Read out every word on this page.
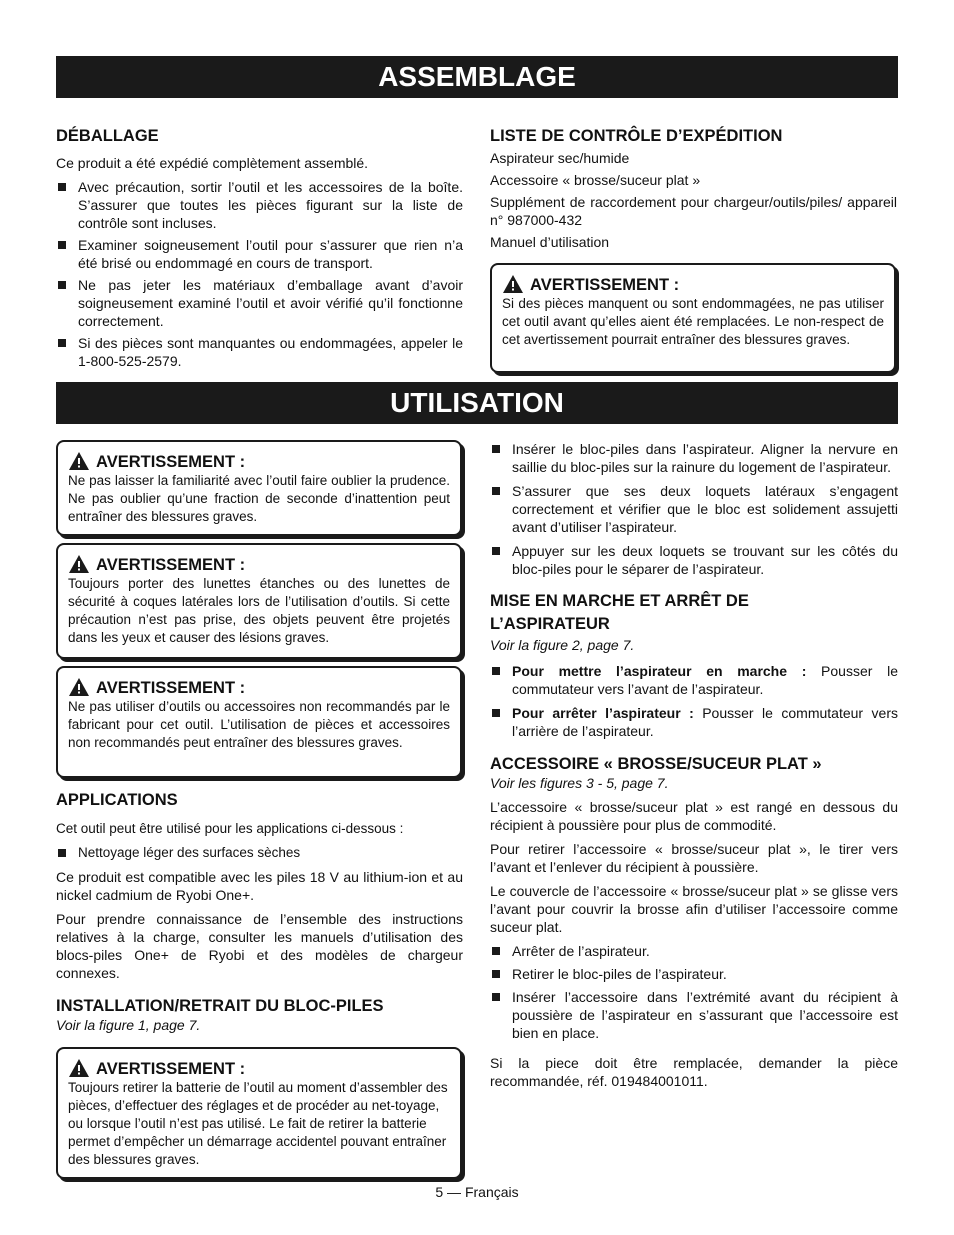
ASSEMBLAGE
DÉBALLAGE

Ce produit a été expédié complètement assemblé.

Avec précaution, sortir l’outil et les accessoires de la boîte. S’assurer que toutes les pièces figurant sur la liste de contrôle sont incluses.
Examiner soigneusement l’outil pour s’assurer que rien n’a été brisé ou endommagé en cours de transport.
Ne pas jeter les matériaux d’emballage avant d’avoir soigneusement examiné l’outil et avoir vérifié qu’il fonctionne correctement.
Si des pièces sont manquantes ou endommagées, appeler le 1-800-525-2579.
LISTE DE CONTRÔLE D’EXPÉDITION

Aspirateur sec/humide

Accessoire « brosse/suceur plat »

Supplément de raccordement pour chargeur/outils/piles/ appareil n° 987000-432

Manuel d’utilisation

AVERTISSEMENT :

Si des pièces manquent ou sont endommagées, ne pas utiliser cet outil avant qu’elles aient été remplacées. Le non-respect de cet avertissement pourrait entraîner des blessures graves.

UTILISATION
AVERTISSEMENT :

Ne pas laisser la familiarité avec l’outil faire oublier la prudence. Ne pas oublier qu’une fraction de seconde d’inattention peut entraîner des blessures graves.

AVERTISSEMENT :

Toujours porter des lunettes étanches ou des lunettes de sécurité à coques latérales lors de l’utilisation d’outils. Si cette précaution n’est pas prise, des objets peuvent être projetés dans les yeux et causer des lésions graves.

AVERTISSEMENT :

Ne pas utiliser d’outils ou accessoires non recommandés par le fabricant pour cet outil. L’utilisation de pièces et accessoires non recommandés peut entraîner des blessures graves.

APPLICATIONS

Cet outil peut être utilisé pour les applications ci-dessous :

Nettoyage léger des surfaces sèches

Ce produit est compatible avec les piles 18 V au lithium-ion et au nickel cadmium de Ryobi One+.

Pour prendre connaissance de l’ensemble des instructions relatives à la charge, consulter les manuels d’utilisation des blocs-piles One+ de Ryobi et des modèles de chargeur connexes.

INSTALLATION/RETRAIT DU BLOC-PILES
Voir la figure 1, page 7.
AVERTISSEMENT :

Toujours retirer la batterie de l’outil au moment d’assembler des pièces, d’effectuer des réglages et de procéder au net-toyage, ou lorsque l’outil n’est pas utilisé. Le fait de retirer la batterie permet d’empêcher un démarrage accidentel pouvant entraîner des blessures graves.

Insérer le bloc-piles dans l’aspirateur. Aligner la nervure en saillie du bloc-piles sur la rainure du logement de l’aspirateur.
S’assurer que ses deux loquets latéraux s’engagent correctement et vérifier que le bloc est solidement assujetti avant d’utiliser l’aspirateur.
Appuyer sur les deux loquets se trouvant sur les côtés du bloc-piles pour le séparer de l’aspirateur.
MISE EN MARCHE ET ARRÊT DE
L’ASPIRATEUR
Voir la figure 2, page 7.
Pour mettre l’aspirateur en marche : Pousser le commutateur vers l’avant de l’aspirateur.
Pour arrêter l’aspirateur : Pousser le commutateur vers l’arrière de l’aspirateur.
ACCESSOIRE « BROSSE/SUCEUR PLAT »
Voir les figures 3 - 5, page 7.

L’accessoire « brosse/suceur plat » est rangé en dessous du récipient à poussière pour plus de commodité.

Pour retirer l’accessoire « brosse/suceur plat », le tirer vers l’avant et l’enlever du récipient à poussière.

Le couvercle de l’accessoire « brosse/suceur plat » se glisse vers l’avant pour couvrir la brosse afin d’utiliser l’accessoire comme suceur plat.

Arrêter de l’aspirateur.
Retirer le bloc-piles de l’aspirateur.
Insérer l’accessoire dans l’extrémité avant du récipient à poussière de l’aspirateur en s’assurant que l’accessoire est bien en place.

Si la piece doit être remplacée, demander la pièce recommandée, réf. 019484001011.

5 — Français
